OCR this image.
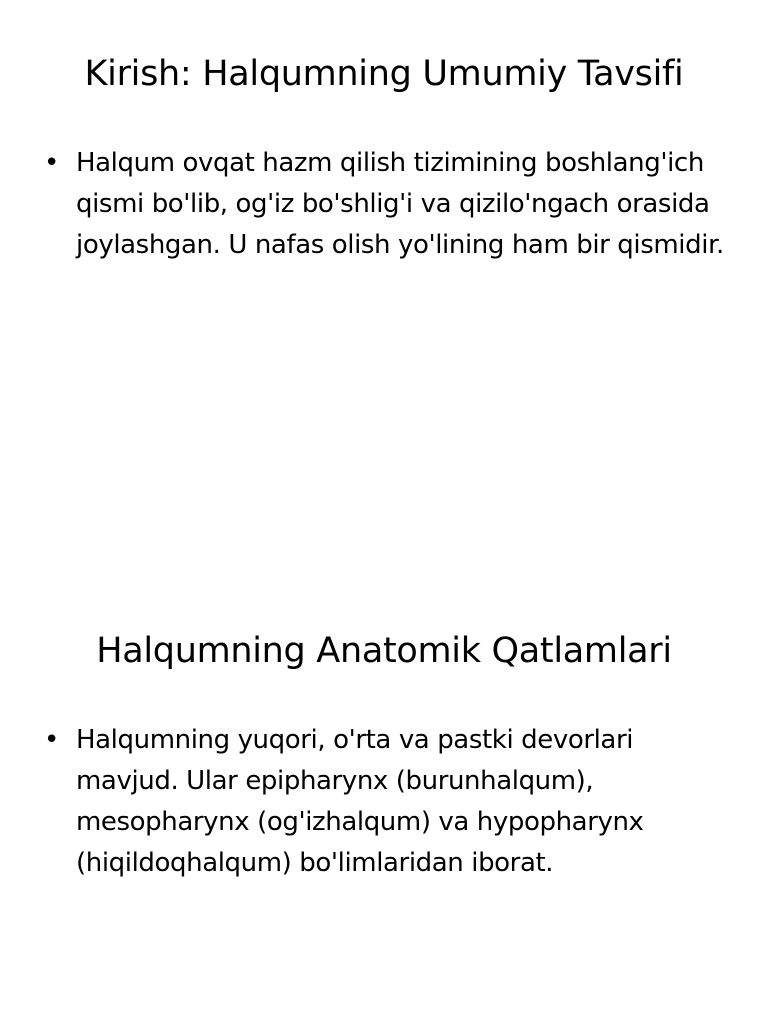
Kirish: Halqumning Umumiy Tavsifi
• Halqum ovqat hazm qilish tizimining boshlang'ich qismi bo'lib, og'iz bo'shlig'i va qizilo'ngach orasida joylashgan. U nafas olish yo'lining ham bir qismidir.
Halqumning Anatomik Qatlamlari
• Halqumning yuqori, o'rta va pastki devorlari mavjud. Ular epipharynx (burunhalqum), mesopharynx (og'izhalqum) va hypopharynx (hiqildoqhalqum) bo'limlaridan iborat.
